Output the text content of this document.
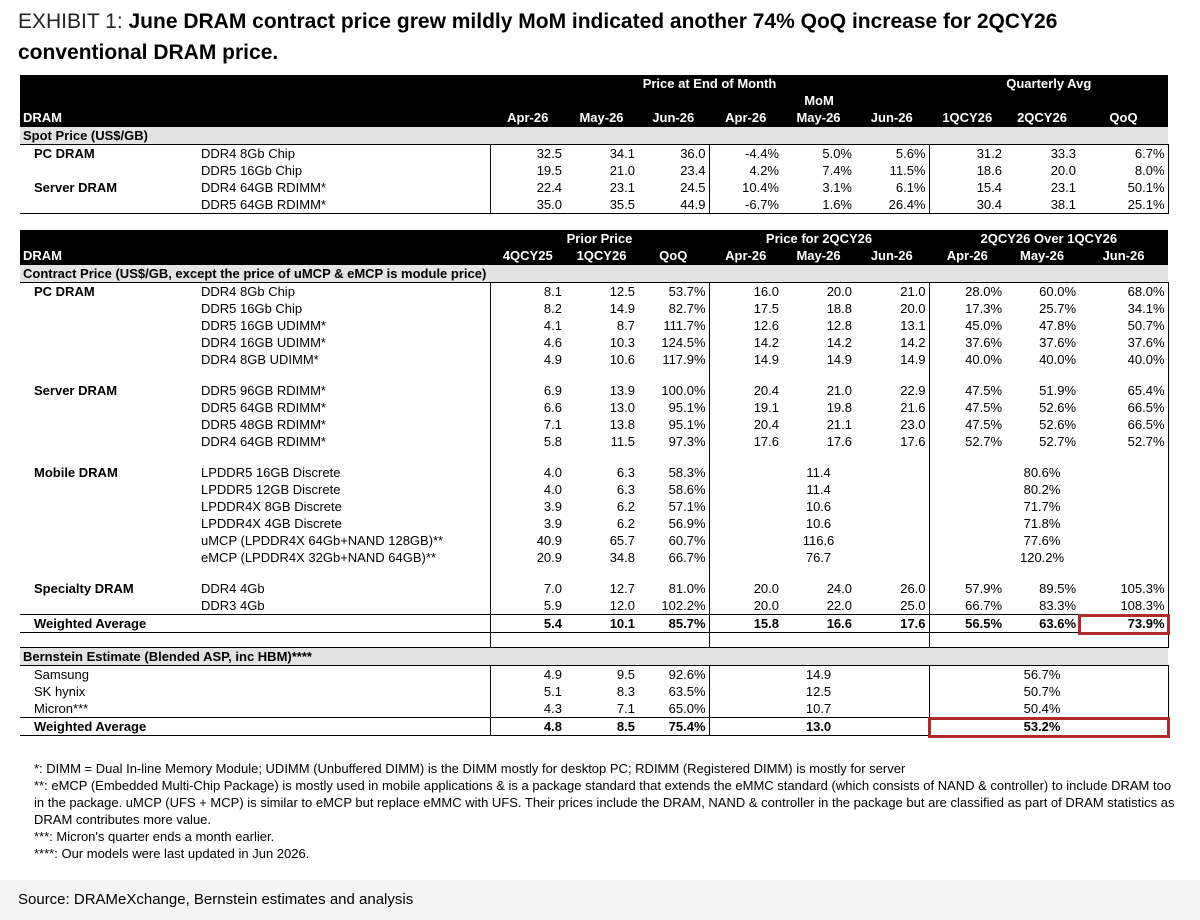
EXHIBIT 1: June DRAM contract price grew mildly MoM indicated another 74% QoQ increase for 2QCY26 conventional DRAM price.
		Price at End of Month						Quarterly Avg		
					MoM					
DRAM		Apr-26	May-26	Jun-26	Apr-26	May-26	Jun-26	1QCY26	2QCY26	QoQ
Spot Price (US$/GB)										
PC DRAM	DDR4 8Gb Chip	32.5	34.1	36.0	-4.4%	5.0%	5.6%	31.2	33.3	6.7%
	DDR5 16Gb Chip	19.5	21.0	23.4	4.2%	7.4%	11.5%	18.6	20.0	8.0%
Server DRAM	DDR4 64GB RDIMM*	22.4	23.1	24.5	10.4%	3.1%	6.1%	15.4	23.1	50.1%
	DDR5 64GB RDIMM*	35.0	35.5	44.9	-6.7%	1.6%	26.4%	30.4	38.1	25.1%
		Prior Price			Price for 2QCY26			2QCY26 Over 1QCY26		
DRAM		4QCY25	1QCY26	QoQ	Apr-26	May-26	Jun-26	Apr-26	May-26	Jun-26
Contract Price (US$/GB, except the price of uMCP & eMCP is module price)										
PC DRAM	DDR4 8Gb Chip	8.1	12.5	53.7%	16.0	20.0	21.0	28.0%	60.0%	68.0%
	DDR5 16Gb Chip	8.2	14.9	82.7%	17.5	18.8	20.0	17.3%	25.7%	34.1%
	DDR5 16GB UDIMM*	4.1	8.7	111.7%	12.6	12.8	13.1	45.0%	47.8%	50.7%
	DDR4 16GB UDIMM*	4.6	10.3	124.5%	14.2	14.2	14.2	37.6%	37.6%	37.6%
	DDR4 8GB UDIMM*	4.9	10.6	117.9%	14.9	14.9	14.9	40.0%	40.0%	40.0%

Server DRAM	DDR5 96GB RDIMM*	6.9	13.9	100.0%	20.4	21.0	22.9	47.5%	51.9%	65.4%
	DDR5 64GB RDIMM*	6.6	13.0	95.1%	19.1	19.8	21.6	47.5%	52.6%	66.5%
	DDR5 48GB RDIMM*	7.1	13.8	95.1%	20.4	21.1	23.0	47.5%	52.6%	66.5%
	DDR4 64GB RDIMM*	5.8	11.5	97.3%	17.6	17.6	17.6	52.7%	52.7%	52.7%

Mobile DRAM	LPDDR5 16GB Discrete	4.0	6.3	58.3%		11.4			80.6%	
	LPDDR5 12GB Discrete	4.0	6.3	58.6%		11.4			80.2%	
	LPDDR4X 8GB Discrete	3.9	6.2	57.1%		10.6			71.7%	
	LPDDR4X 4GB Discrete	3.9	6.2	56.9%		10.6			71.8%	
	uMCP (LPDDR4X 64Gb+NAND 128GB)**	40.9	65.7	60.7%		116.6			77.6%	
	eMCP (LPDDR4X 32Gb+NAND 64GB)**	20.9	34.8	66.7%		76.7			120.2%	

Specialty DRAM	DDR4 4Gb	7.0	12.7	81.0%	20.0	24.0	26.0	57.9%	89.5%	105.3%
	DDR3 4Gb	5.9	12.0	102.2%	20.0	22.0	25.0	66.7%	83.3%	108.3%
Weighted Average		5.4	10.1	85.7%	15.8	16.6	17.6	56.5%	63.6%	73.9%

Bernstein Estimate (Blended ASP, inc HBM)****										
Samsung		4.9	9.5	92.6%		14.9			56.7%	
SK hynix		5.1	8.3	63.5%		12.5			50.7%	
Micron***		4.3	7.1	65.0%		10.7			50.4%	
Weighted Average		4.8	8.5	75.4%		13.0			53.2%	

*: DIMM = Dual In-line Memory Module; UDIMM (Unbuffered DIMM) is the DIMM mostly for desktop PC; RDIMM (Registered DIMM) is mostly for server

**: eMCP (Embedded Multi-Chip Package) is mostly used in mobile applications & is a package standard that extends the eMMC standard (which consists of NAND & controller) to include DRAM too in the package. uMCP (UFS + MCP) is similar to eMCP but replace eMMC with UFS. Their prices include the DRAM, NAND & controller in the package but are classified as part of DRAM statistics as DRAM contributes more value.

***: Micron's quarter ends a month earlier.

****: Our models were last updated in Jun 2026.

Source: DRAMeXchange, Bernstein estimates and analysis
